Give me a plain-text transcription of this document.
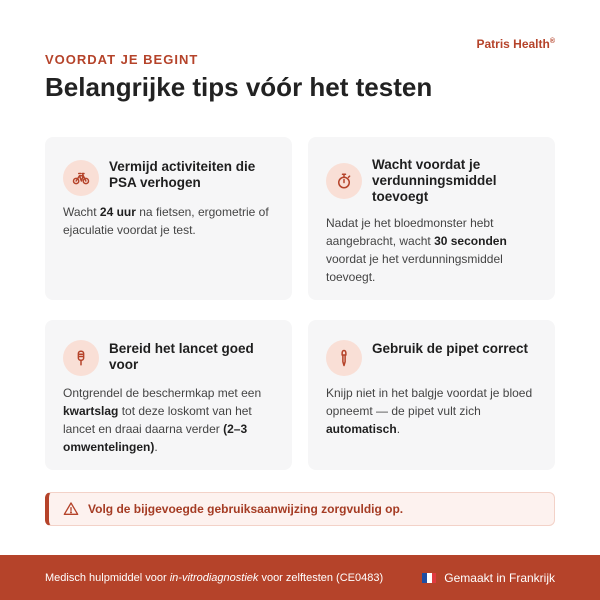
Patris Health®
VOORDAT JE BEGINT
Belangrijke tips vóór het testen
Vermijd activiteiten die PSA verhogen
Wacht 24 uur na fietsen, ergometrie of ejaculatie voordat je test.
Wacht voordat je verdunningsmiddel toevoegt
Nadat je het bloedmonster hebt aangebracht, wacht 30 seconden voordat je het verdunningsmiddel toevoegt.
Bereid het lancet goed voor
Ontgrendel de beschermkap met een kwartslag tot deze loskomt van het lancet en draai daarna verder (2–3 omwentelingen).
Gebruik de pipet correct
Knijp niet in het balgje voordat je bloed opneemt — de pipet vult zich automatisch.
Volg de bijgevoegde gebruiksaanwijzing zorgvuldig op.
Medisch hulpmiddel voor in-vitrodiagnostiek voor zelftesten (CE0483)	Gemaakt in Frankrijk
